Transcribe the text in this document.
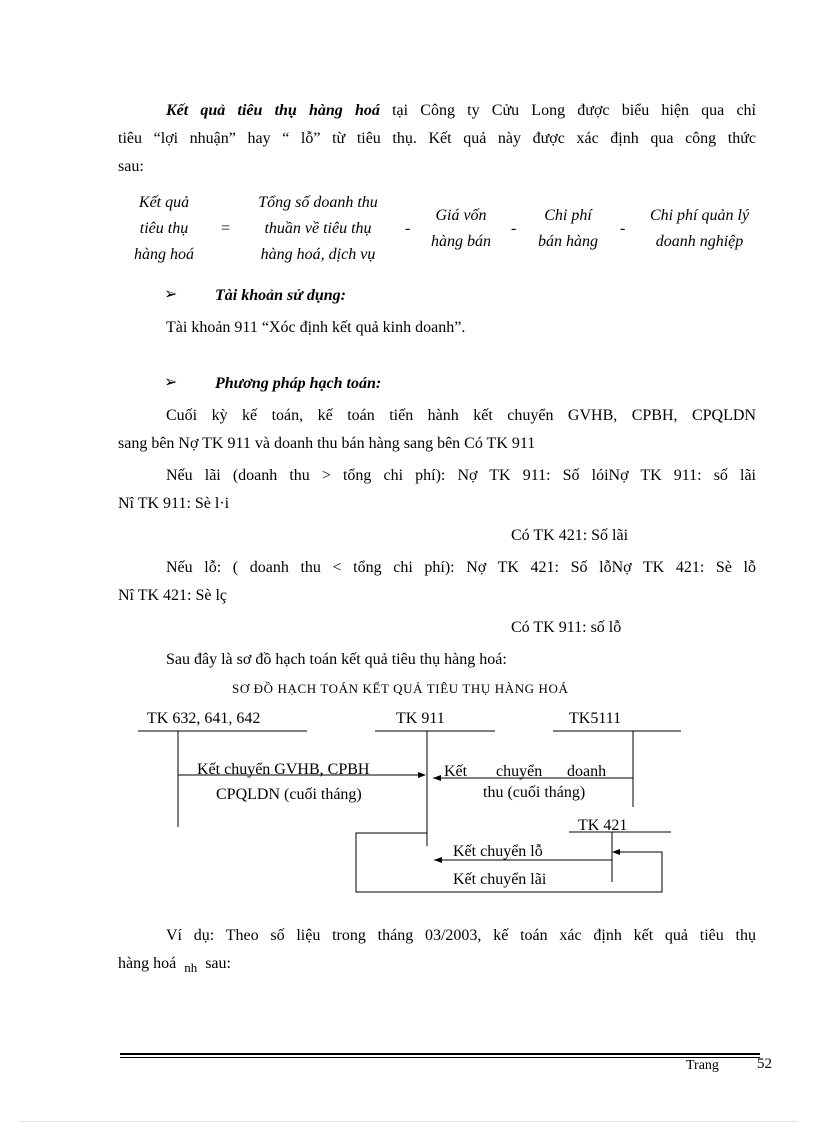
Kết quả tiêu thụ hàng hoá tại Công ty Cửu Long được biểu hiện qua chỉ
tiêu “lợi nhuận” hay “ lỗ” từ tiêu thụ. Kết quả này được xác định qua công thức
sau:
Kết quả
tiêu thụ
hàng hoá
=
Tổng số doanh thu
thuần về tiêu thụ
hàng hoá, dịch vụ
-
Giá vốn
hàng bán
-
Chi phí
bán hàng
-
Chi phí quản lý
doanh nghiệp
➢ Tài khoản sử dụng:
Tài khoản 911 “Xóc định kết quả kinh doanh”.
➢ Phương pháp hạch toán:
Cuối kỳ kế toán, kế toán tiến hành kết chuyển GVHB, CPBH, CPQLDN
sang bên Nợ TK 911 và doanh thu bán hàng sang bên Có TK 911
Nếu lãi (doanh thu > tổng chi phí): Nợ TK 911: Số lóiNợ TK 911: số lãi
Nî TK 911: Sè l·i
Có TK 421: Số lãi
Nếu lỗ: ( doanh thu < tổng chi phí): Nợ TK 421: Số lỗNợ TK 421: Sè lỗ
Nî TK 421: Sè lç
Có TK 911: số lỗ
Sau đây là sơ đồ hạch toán kết quả tiêu thụ hàng hoá:
SƠ ĐỒ HẠCH TOÁN KẾT QUẢ TIÊU THỤ HÀNG HOÁ
TK 632, 641, 642	TK 911	TK5111
Kết chuyển GVHB, CPBH
CPQLDN (cuối tháng)
Kết chuyển doanh
thu (cuối tháng)
TK 421
Kết chuyển lỗ
Kết chuyển lãi
Ví dụ: Theo số liệu trong tháng 03/2003, kế toán xác định kết quả tiêu thụ
hàng hoá $_{nh}$ sau:
Trang	52
